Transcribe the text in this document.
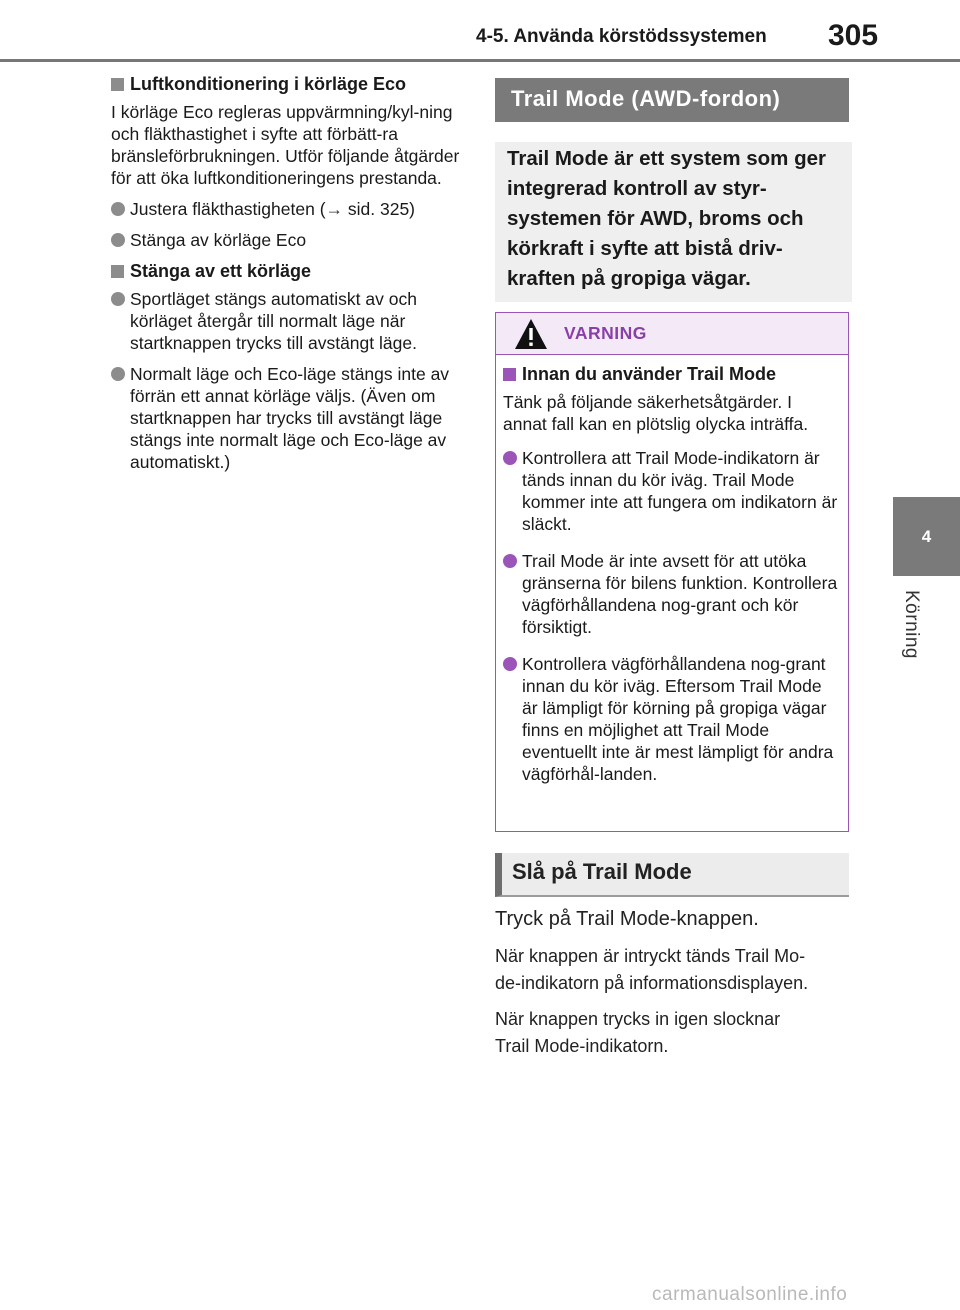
4-5. Använda körstödssystemen 305
4
Körning
Luftkonditionering i körläge Eco

I körläge Eco regleras uppvärmning/kyl-ning och fläkthastighet i syfte att förbätt-ra bränsleförbrukningen. Utför följande åtgärder för att öka luftkonditioneringens prestanda.

Justera fläkthastigheten (→ sid. 325)
Stänga av körläge Eco
Stänga av ett körläge
Sportläget stängs automatiskt av och körläget återgår till normalt läge när startknappen trycks till avstängt läge.
Normalt läge och Eco-läge stängs inte av förrän ett annat körläge väljs. (Även om startknappen har trycks till avstängt läge stängs inte normalt läge och Eco-läge av automatiskt.)
Trail Mode (AWD-fordon)
Trail Mode är ett system som ger integrerad kontroll av styr-systemen för AWD, broms och körkraft i syfte att bistå driv-kraften på gropiga vägar.
VARNING
Innan du använder Trail Mode

Tänk på följande säkerhetsåtgärder. I annat fall kan en plötslig olycka inträffa.

Kontrollera att Trail Mode-indikatorn är tänds innan du kör iväg. Trail Mode kommer inte att fungera om indikatorn är släckt.
Trail Mode är inte avsett för att utöka gränserna för bilens funktion. Kontrollera vägförhållandena nog-grant och kör försiktigt.
Kontrollera vägförhållandena nog-grant innan du kör iväg. Eftersom Trail Mode är lämpligt för körning på gropiga vägar finns en möjlighet att Trail Mode eventuellt inte är mest lämpligt för andra vägförhål-landen.
Slå på Trail Mode
Tryck på Trail Mode-knappen.

När knappen är intryckt tänds Trail Mo-
de-indikatorn på informationsdisplayen.

När knappen trycks in igen slocknar
Trail Mode-indikatorn.

carmanualsonline.info
